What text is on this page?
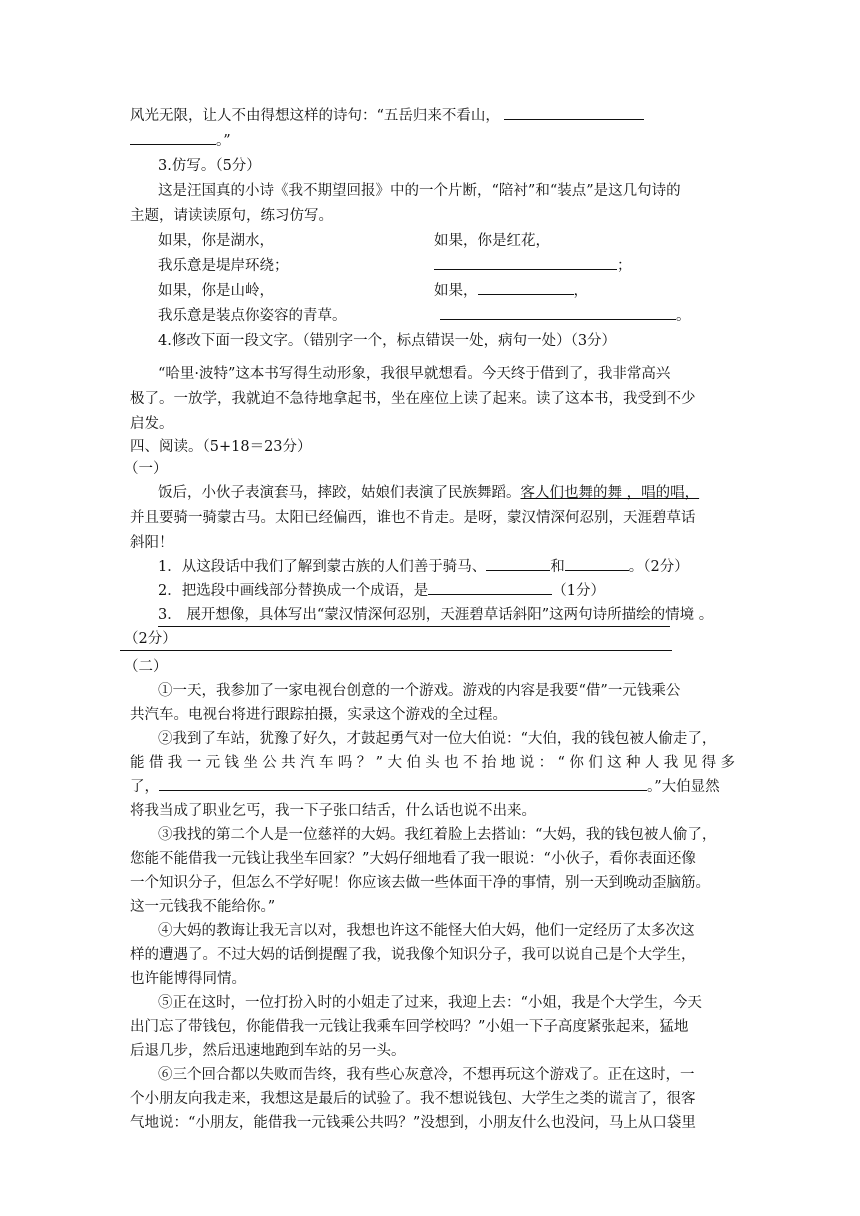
风光无限，让人不由得想这样的诗句：“五岳归来不看山，
。”
3.仿写。（5分）
这是汪国真的小诗《我不期望回报》中的一个片断，“陪衬”和“装点”是这几句诗的
主题，请读读原句，练习仿写。
如果，你是湖水，	如果，你是红花，
我乐意是堤岸环绕；	；
如果，你是山岭，	如果，	，
我乐意是装点你姿容的青草。	。
4.修改下面一段文字。（错别字一个，标点错误一处，病句一处）（3分）
“哈里·波特”这本书写得生动形象，我很早就想看。今天终于借到了，我非常高兴
极了。一放学，我就迫不急待地拿起书，坐在座位上读了起来。读了这本书，我受到不少
启发。
四、阅读。（5+18＝23分）
（一）
饭后，小伙子表演套马，摔跤，姑娘们表演了民族舞蹈。客人们也舞的舞 ，唱的唱，
并且要骑一骑蒙古马。太阳已经偏西，谁也不肯走。是呀，蒙汉情深何忍别，天涯碧草话
斜阳！
1．从这段话中我们了解到蒙古族的人们善于骑马、	和	。（2分）
2．把选段中画线部分替换成一个成语，是	（1分）
3． 展开想像，具体写出“蒙汉情深何忍别，天涯碧草话斜阳”这两句诗所描绘的情境 。
（2分）
（二）
①一天，我参加了一家电视台创意的一个游戏。游戏的内容是我要“借”一元钱乘公
共汽车。电视台将进行跟踪拍摄，实录这个游戏的全过程。
②我到了车站，犹豫了好久，才鼓起勇气对一位大伯说：“大伯，我的钱包被人偷走了，
能借我一元钱坐公共汽车吗？”大伯头也不抬地说：“你们这种人我见得多
了，	。”大伯显然
将我当成了职业乞丐，我一下子张口结舌，什么话也说不出来。
③我找的第二个人是一位慈祥的大妈。我红着脸上去搭讪：“大妈，我的钱包被人偷了，
您能不能借我一元钱让我坐车回家？”大妈仔细地看了我一眼说：“小伙子，看你表面还像
一个知识分子，但怎么不学好呢！你应该去做一些体面干净的事情，别一天到晚动歪脑筋。
这一元钱我不能给你。”
④大妈的教诲让我无言以对，我想也许这不能怪大伯大妈，他们一定经历了太多次这
样的遭遇了。不过大妈的话倒提醒了我，说我像个知识分子，我可以说自己是个大学生，
也许能博得同情。
⑤正在这时，一位打扮入时的小姐走了过来，我迎上去：“小姐，我是个大学生，今天
出门忘了带钱包，你能借我一元钱让我乘车回学校吗？”小姐一下子高度紧张起来，猛地
后退几步，然后迅速地跑到车站的另一头。
⑥三个回合都以失败而告终，我有些心灰意冷，不想再玩这个游戏了。正在这时，一
个小朋友向我走来，我想这是最后的试验了。我不想说钱包、大学生之类的谎言了，很客
气地说：“小朋友，能借我一元钱乘公共吗？”没想到，小朋友什么也没问，马上从口袋里
